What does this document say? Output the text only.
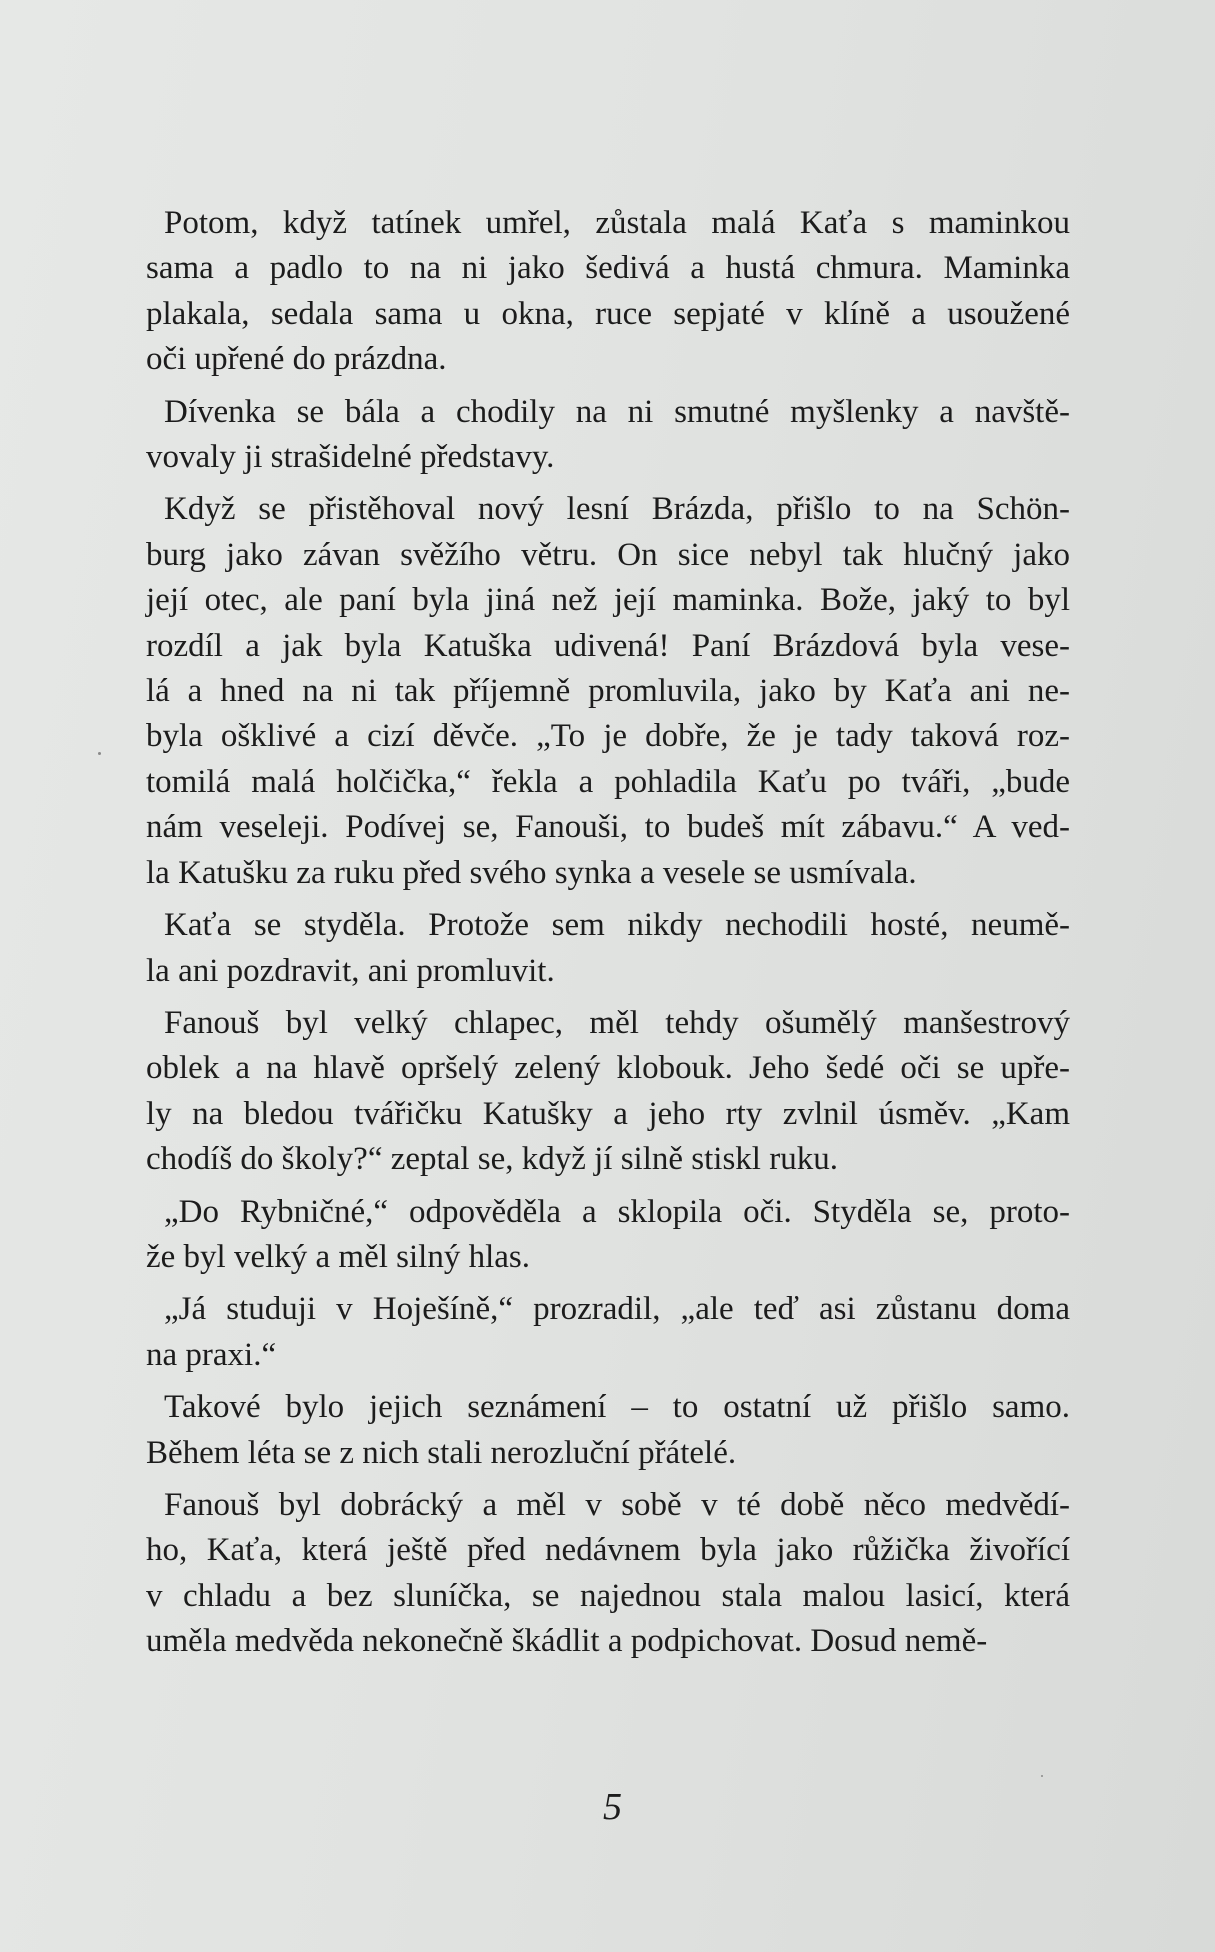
Potom, když tatínek umřel, zůstala malá Kaťa s maminkou
sama a padlo to na ni jako šedivá a hustá chmura. Maminka
plakala, sedala sama u okna, ruce sepjaté v klíně a usoužené
oči upřené do prázdna.
Dívenka se bála a chodily na ni smutné myšlenky a navště-
vovaly ji strašidelné představy.
Když se přistěhoval nový lesní Brázda, přišlo to na Schön-
burg jako závan svěžího větru. On sice nebyl tak hlučný jako
její otec, ale paní byla jiná než její maminka. Bože, jaký to byl
rozdíl a jak byla Katuška udivená! Paní Brázdová byla vese-
lá a hned na ni tak příjemně promluvila, jako by Kaťa ani ne-
byla ošklivé a cizí děvče. „To je dobře, že je tady taková roz-
tomilá malá holčička,“ řekla a pohladila Kaťu po tváři, „bude
nám veseleji. Podívej se, Fanouši, to budeš mít zábavu.“ A ved-
la Katušku za ruku před svého synka a vesele se usmívala.
Kaťa se styděla. Protože sem nikdy nechodili hosté, neumě-
la ani pozdravit, ani promluvit.
Fanouš byl velký chlapec, měl tehdy ošumělý manšestrový
oblek a na hlavě opršelý zelený klobouk. Jeho šedé oči se upře-
ly na bledou tvářičku Katušky a jeho rty zvlnil úsměv. „Kam
chodíš do školy?“ zeptal se, když jí silně stiskl ruku.
„Do Rybničné,“ odpověděla a sklopila oči. Styděla se, proto-
že byl velký a měl silný hlas.
„Já studuji v Hoješíně,“ prozradil, „ale teď asi zůstanu doma
na praxi.“
Takové bylo jejich seznámení – to ostatní už přišlo samo.
Během léta se z nich stali nerozluční přátelé.
Fanouš byl dobrácký a měl v sobě v té době něco medvědí-
ho, Kaťa, která ještě před nedávnem byla jako růžička živořící
v chladu a bez sluníčka, se najednou stala malou lasicí, která
uměla medvěda nekonečně škádlit a podpichovat. Dosud nemě-
5
